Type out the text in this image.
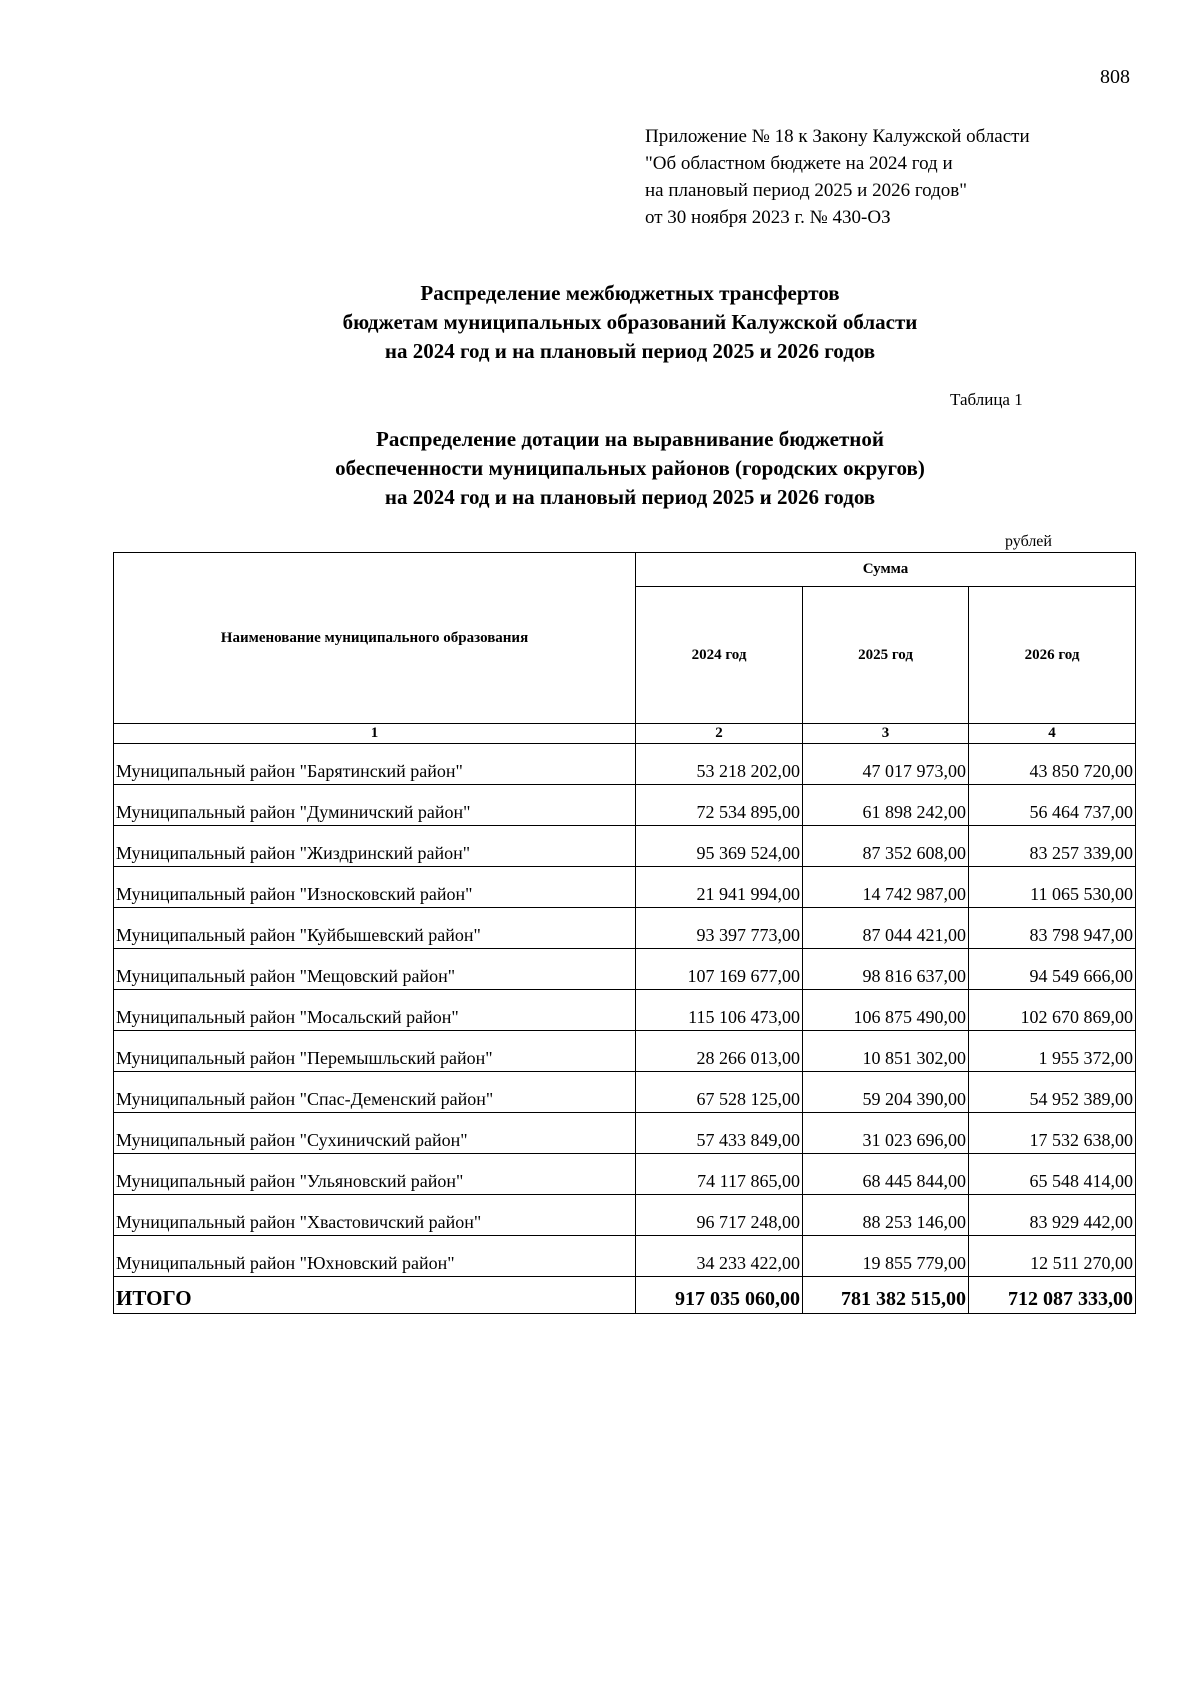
808
Приложение № 18 к Закону Калужской области
"Об областном бюджете на 2024 год и
на плановый период 2025 и 2026 годов"
от 30 ноября 2023 г. № 430-ОЗ
Распределение межбюджетных трансфертов
бюджетам муниципальных образований Калужской области
на 2024 год и на плановый период 2025 и 2026 годов
Таблица 1
Распределение дотации на выравнивание бюджетной
обеспеченности муниципальных районов (городских округов)
на 2024 год и на плановый период 2025 и 2026 годов
рублей
Наименование муниципального образования	Сумма		
	2024 год	2025 год	2026 год
1	2	3	4
Муниципальный район "Барятинский район"	53 218 202,00	47 017 973,00	43 850 720,00
Муниципальный район "Думиничский район"	72 534 895,00	61 898 242,00	56 464 737,00
Муниципальный район "Жиздринский район"	95 369 524,00	87 352 608,00	83 257 339,00
Муниципальный район "Износковский район"	21 941 994,00	14 742 987,00	11 065 530,00
Муниципальный район "Куйбышевский район"	93 397 773,00	87 044 421,00	83 798 947,00
Муниципальный район "Мещовский район"	107 169 677,00	98 816 637,00	94 549 666,00
Муниципальный район "Мосальский район"	115 106 473,00	106 875 490,00	102 670 869,00
Муниципальный район "Перемышльский район"	28 266 013,00	10 851 302,00	1 955 372,00
Муниципальный район "Спас-Деменский район"	67 528 125,00	59 204 390,00	54 952 389,00
Муниципальный район "Сухиничский район"	57 433 849,00	31 023 696,00	17 532 638,00
Муниципальный район "Ульяновский район"	74 117 865,00	68 445 844,00	65 548 414,00
Муниципальный район "Хвастовичский район"	96 717 248,00	88 253 146,00	83 929 442,00
Муниципальный район "Юхновский район"	34 233 422,00	19 855 779,00	12 511 270,00
ИТОГО	917 035 060,00	781 382 515,00	712 087 333,00
